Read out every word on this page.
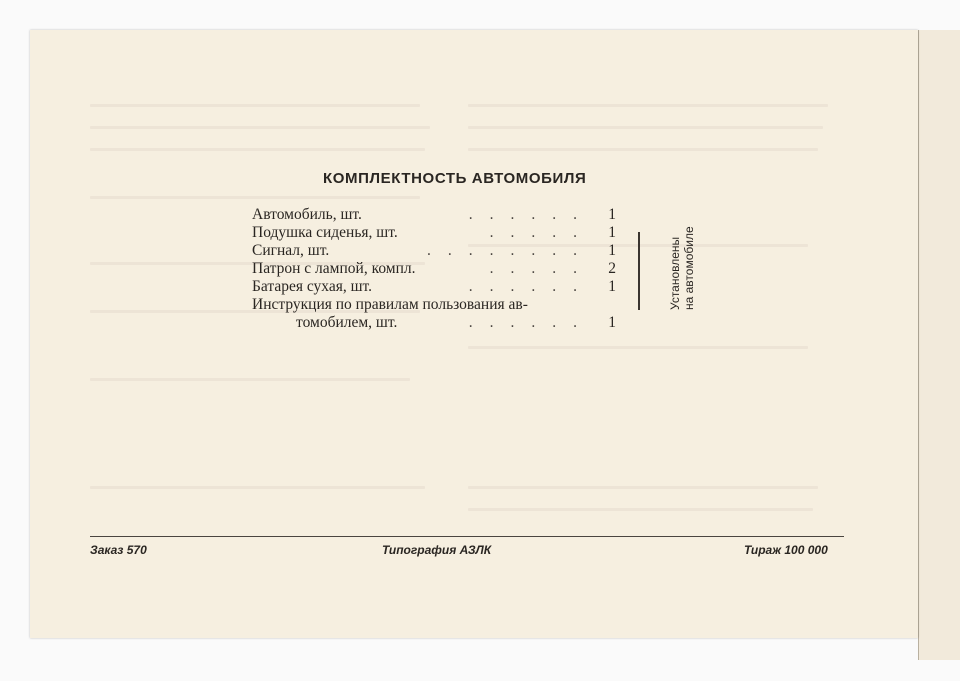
КОМПЛЕКТНОСТЬ АВТОМОБИЛЯ
......
Автомобиль, шт.	1
.....
Подушка сиденья, шт.	1
........
Сигнал, шт.	1
.....
Патрон с лампой, компл.	2
......
Батарея сухая, шт.	1
Инструкция по правилам пользования ав-
......
томобилем, шт.	1
Установлены на автомобиле
Заказ 570	Типография АЗЛК	Тираж 100 000
